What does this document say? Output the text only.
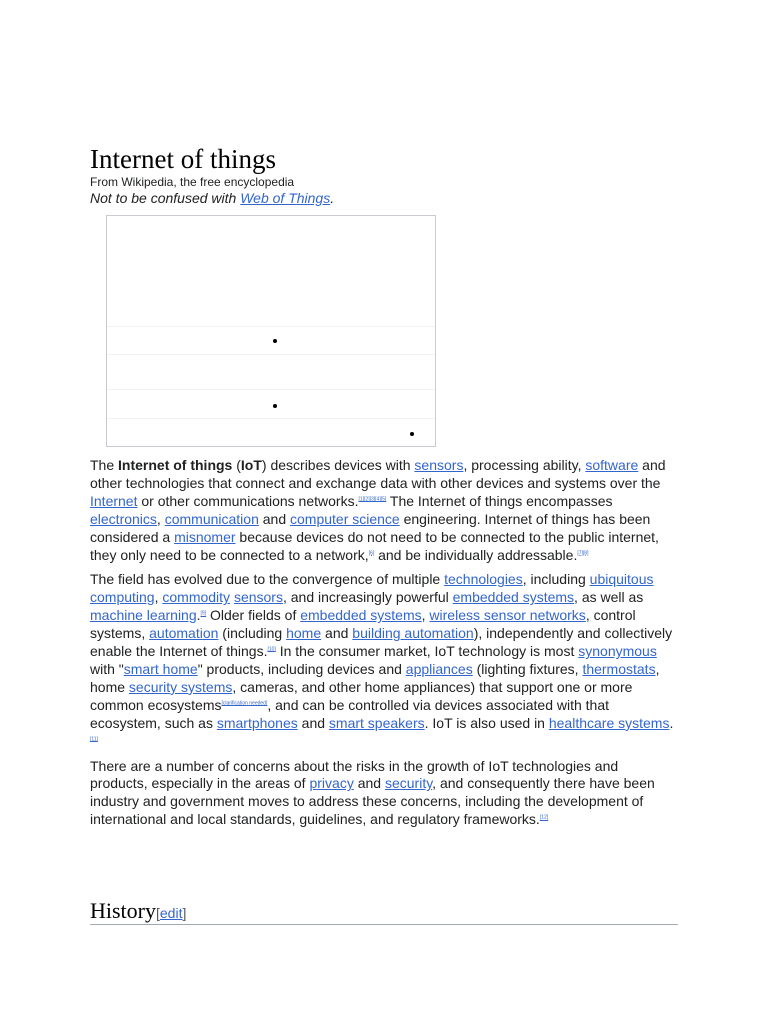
Internet of things
From Wikipedia, the free encyclopedia
Not to be confused with Web of Things.

The Internet of things (IoT) describes devices with sensors, processing ability, software and other technologies that connect and exchange data with other devices and systems over the Internet or other communications networks.[1][2][3][4][5] The Internet of things encompasses electronics, communication and computer science engineering. Internet of things has been considered a misnomer because devices do not need to be connected to the public internet, they only need to be connected to a network,[6] and be individually addressable.[7][8]

The field has evolved due to the convergence of multiple technologies, including ubiquitous computing, commodity sensors, and increasingly powerful embedded systems, as well as machine learning.[9] Older fields of embedded systems, wireless sensor networks, control systems, automation (including home and building automation), independently and collectively enable the Internet of things.[10] In the consumer market, IoT technology is most synonymous with "smart home" products, including devices and appliances (lighting fixtures, thermostats, home security systems, cameras, and other home appliances) that support one or more common ecosystems[clarification needed], and can be controlled via devices associated with that ecosystem, such as smartphones and smart speakers. IoT is also used in healthcare systems.[11]

There are a number of concerns about the risks in the growth of IoT technologies and products, especially in the areas of privacy and security, and consequently there have been industry and government moves to address these concerns, including the development of international and local standards, guidelines, and regulatory frameworks.[12]

History[edit]
